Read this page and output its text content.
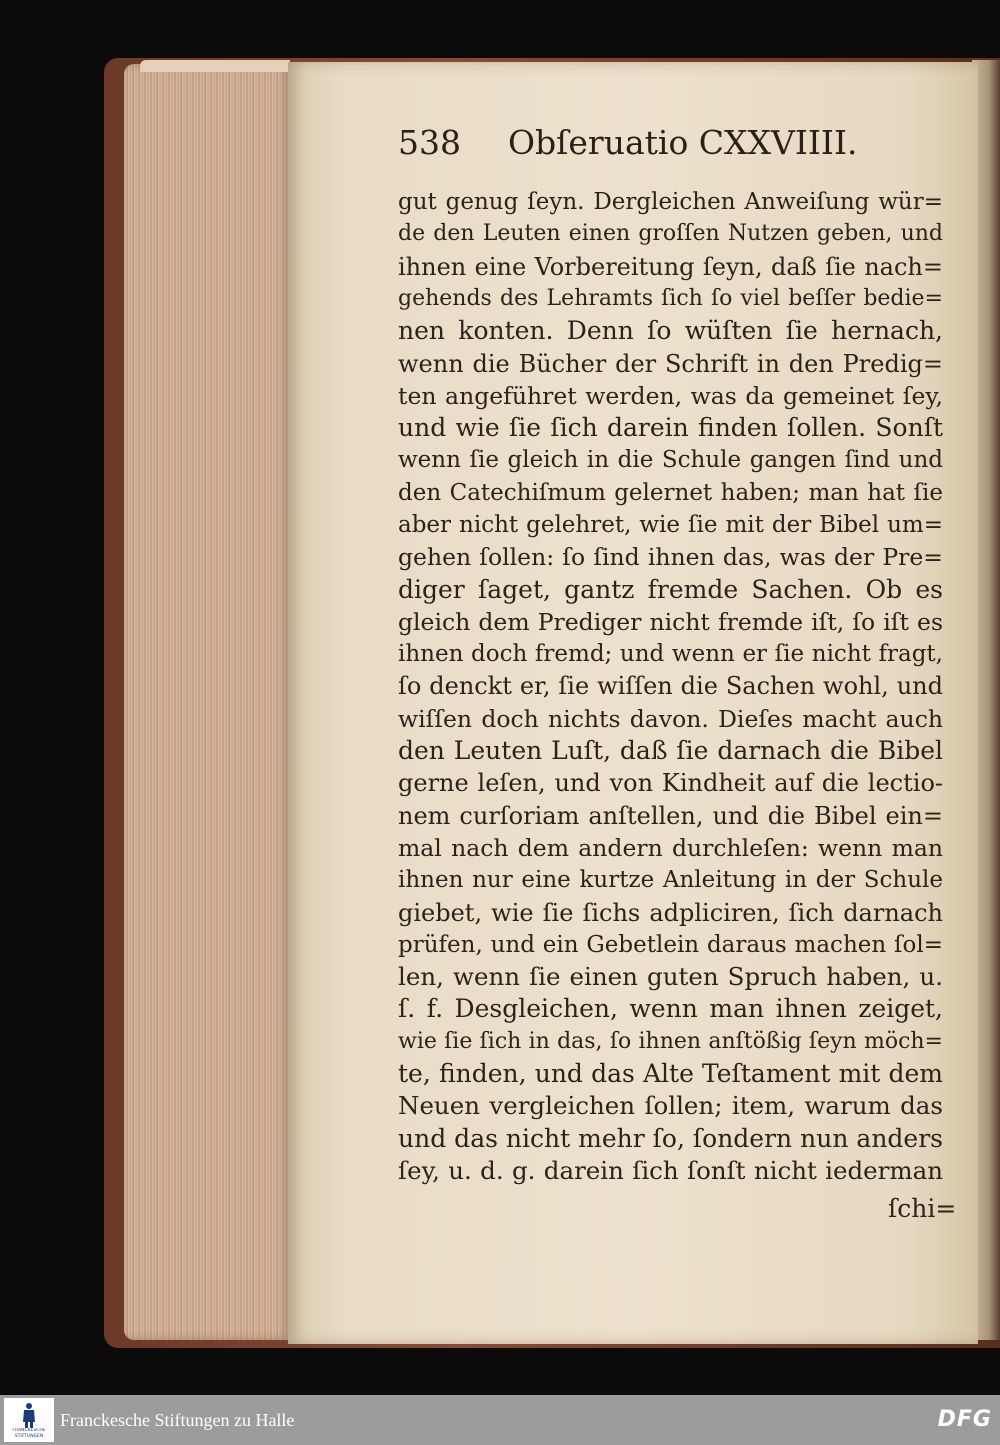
538 Obſeruatio CXXVIIII.
gut genug ſeyn. Dergleichen Anweiſung wür=
de den Leuten einen groſſen Nutzen geben, und
ihnen eine Vorbereitung ſeyn, daß ſie nach=
gehends des Lehramts ſich ſo viel beſſer bedie=
nen konten. Denn ſo wüſten ſie hernach,
wenn die Bücher der Schrift in den Predig=
ten angeführet werden, was da gemeinet ſey,
und wie ſie ſich darein finden ſollen. Sonſt
wenn ſie gleich in die Schule gangen ſind und
den Catechiſmum gelernet haben; man hat ſie
aber nicht gelehret, wie ſie mit der Bibel um=
gehen ſollen: ſo ſind ihnen das, was der Pre=
diger ſaget, gantz fremde Sachen. Ob es
gleich dem Prediger nicht fremde iſt, ſo iſt es
ihnen doch fremd; und wenn er ſie nicht fragt,
ſo denckt er, ſie wiſſen die Sachen wohl, und
wiſſen doch nichts davon. Dieſes macht auch
den Leuten Luſt, daß ſie darnach die Bibel
gerne leſen, und von Kindheit auf die lectio-
nem curſoriam anſtellen, und die Bibel ein=
mal nach dem andern durchleſen: wenn man
ihnen nur eine kurtze Anleitung in der Schule
giebet, wie ſie ſichs adpliciren, ſich darnach
prüfen, und ein Gebetlein daraus machen ſol=
len, wenn ſie einen guten Spruch haben, u.
ſ. f. Desgleichen, wenn man ihnen zeiget,
wie ſie ſich in das, ſo ihnen anſtößig ſeyn möch=
te, finden, und das Alte Teſtament mit dem
Neuen vergleichen ſollen; item, warum das
und das nicht mehr ſo, ſondern nun anders
ſey, u. d. g. darein ſich ſonſt nicht iederman
ſchi=
FRANCKESCHE STIFTUNGEN
Franckesche Stiftungen zu Halle	DFG
